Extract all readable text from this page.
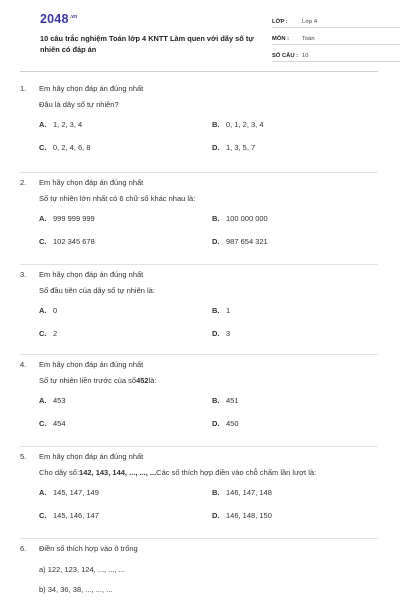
$2048^{.vn}$
10 câu trắc nghiệm Toán lớp 4 KNTT Làm quen với dãy số tự nhiên có đáp án
LỚP :	Lớp 4
MÔN :	Toán
SỐ CÂU : 10
1.	Em hãy chọn đáp án đúng nhất
Đâu là dãy số tự nhiên?
A. 1, 2, 3, 4	B. 0, 1, 2, 3, 4
C. 0, 2, 4, 6, 8	D. 1, 3, 5, 7
2.	Em hãy chọn đáp án đúng nhất
Số tự nhiên lớn nhất có 6 chữ số khác nhau là:
A. 999 999 999	B. 100 000 000
C. 102 345 678	D. 987 654 321
3.	Em hãy chọn đáp án đúng nhất
Số đầu tiên của dãy số tự nhiên là:
A. 0	B. 1
C. 2	D. 3
4.	Em hãy chọn đáp án đúng nhất
Số tự nhiên liền trước của số 452 là:
A. 453	B. 451
C. 454	D. 450
5.	Em hãy chọn đáp án đúng nhất
Cho dãy số: 142, 143, 144, ..., ..., ... Các số thích hợp điền vào chỗ chấm lần lượt là:
A. 145, 147, 149	B. 146, 147, 148
C. 145, 146, 147	D. 146, 148, 150
6.	Điền số thích hợp vào ô trống
a) 122, 123, 124, ..., ..., ...
b) 34, 36, 38, ..., ..., ...
